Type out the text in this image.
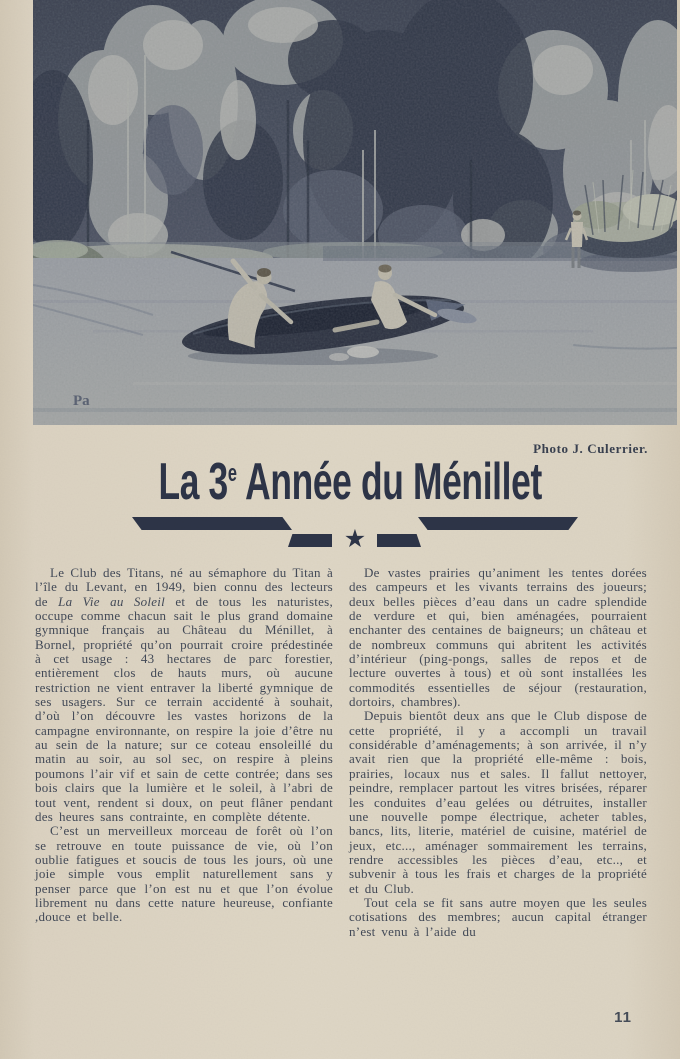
Pa
Photo J. Culerrier.
La 3e Année du Ménillet
★

Le Club des Titans, né au sémaphore du Titan à l’île du Levant, en 1949, bien connu des lecteurs de La Vie au Soleil et de tous les naturistes, occupe comme chacun sait le plus grand domaine gymnique français au Château du Ménillet, à Bornel, propriété qu’on pourrait croire prédestinée à cet usage : 43 hectares de parc forestier, entièrement clos de hauts murs, où aucune restriction ne vient entraver la liberté gymnique de ses usagers. Sur ce terrain accidenté à souhait, d’où l’on découvre les vastes horizons de la campagne environnante, on respire la joie d’être nu au sein de la nature; sur ce coteau ensoleillé du matin au soir, au sol sec, on respire à pleins poumons l’air vif et sain de cette contrée; dans ses bois clairs que la lumière et le soleil, à l’abri de tout vent, rendent si doux, on peut flâner pendant des heures sans contrainte, en complète détente.

C’est un merveilleux morceau de forêt où l’on se retrouve en toute puissance de vie, où l’on oublie fatigues et soucis de tous les jours, où une joie simple vous emplit naturellement sans y penser parce que l’on est nu et que l’on évolue librement nu dans cette nature heureuse, confiante ,douce et belle.

De vastes prairies qu’animent les tentes dorées des campeurs et les vivants terrains des joueurs; deux belles pièces d’eau dans un cadre splendide de verdure et qui, bien aménagées, pourraient enchanter des centaines de baigneurs; un château et de nombreux communs qui abritent les activités d’intérieur (ping-pongs, salles de repos et de lecture ouvertes à tous) et où sont installées les commodités essentielles de séjour (restauration, dortoirs, chambres).

Depuis bientôt deux ans que le Club dispose de cette propriété, il y a accompli un travail considérable d’aménagements; à son arrivée, il n’y avait rien que la propriété elle-même : bois, prairies, locaux nus et sales. Il fallut nettoyer, peindre, remplacer partout les vitres brisées, réparer les conduites d’eau gelées ou détruites, installer une nouvelle pompe électrique, acheter tables, bancs, lits, literie, matériel de cuisine, matériel de jeux, etc..., aménager sommairement les terrains, rendre accessibles les pièces d’eau, etc.., et subvenir à tous les frais et charges de la propriété et du Club.

Tout cela se fit sans autre moyen que les seules cotisations des membres; aucun capital étranger n’est venu à l’aide du

11
